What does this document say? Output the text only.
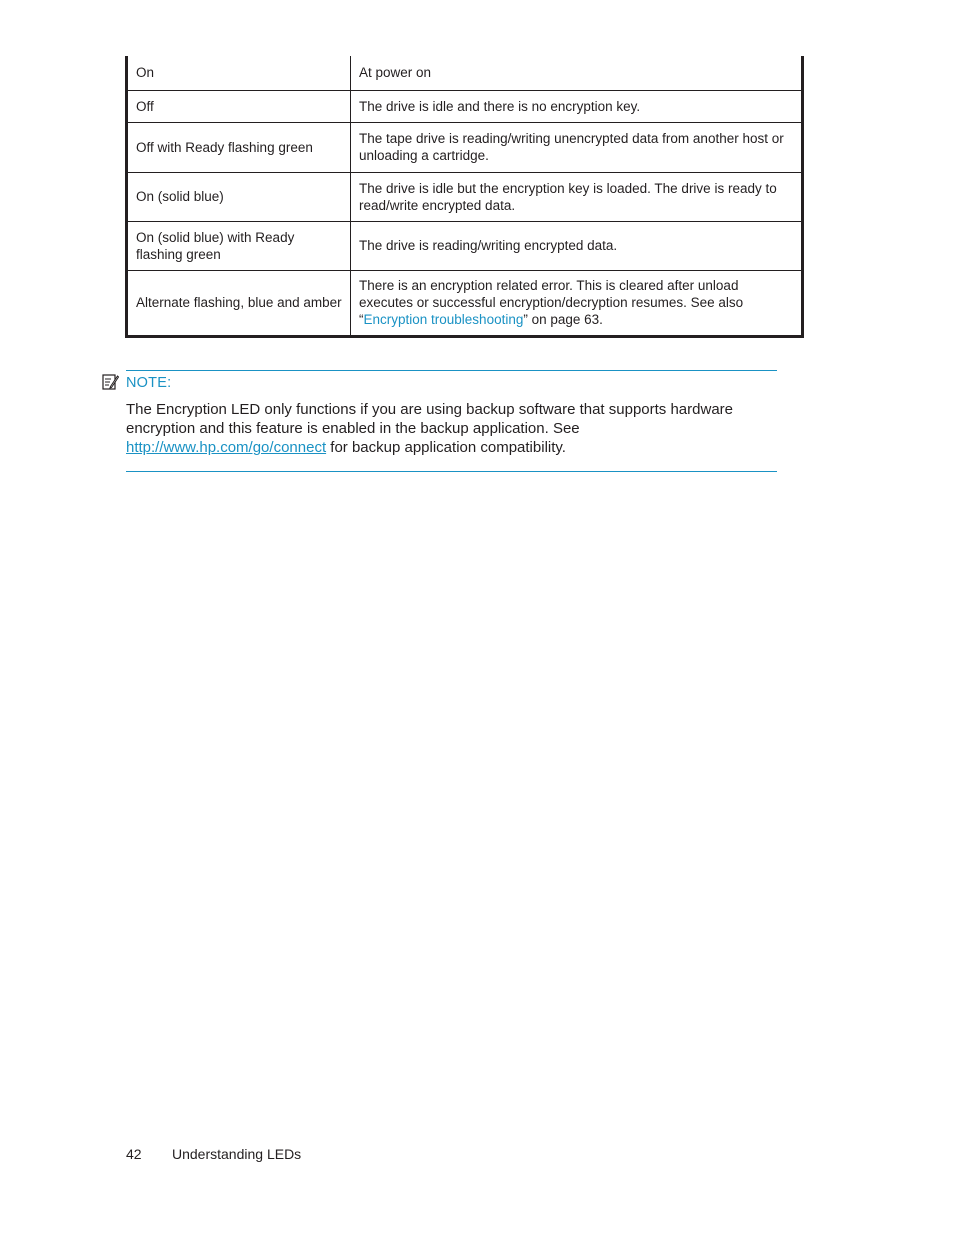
On	At power on
Off	The drive is idle and there is no encryption key.
Off with Ready flashing green	The tape drive is reading/writing unencrypted data from another host or unloading a cartridge.
On (solid blue)	The drive is idle but the encryption key is loaded. The drive is ready to read/write encrypted data.
On (solid blue) with Ready flashing green	The drive is reading/writing encrypted data.
Alternate flashing, blue and amber	There is an encryption related error. This is cleared after unload executes or successful encryption/decryption resumes. See also “Encryption troubleshooting” on page 63.
NOTE:
The Encryption LED only functions if you are using backup software that supports hardware encryption and this feature is enabled in the backup application. See http://www.hp.com/go/connect for backup application compatibility.
42 Understanding LEDs
